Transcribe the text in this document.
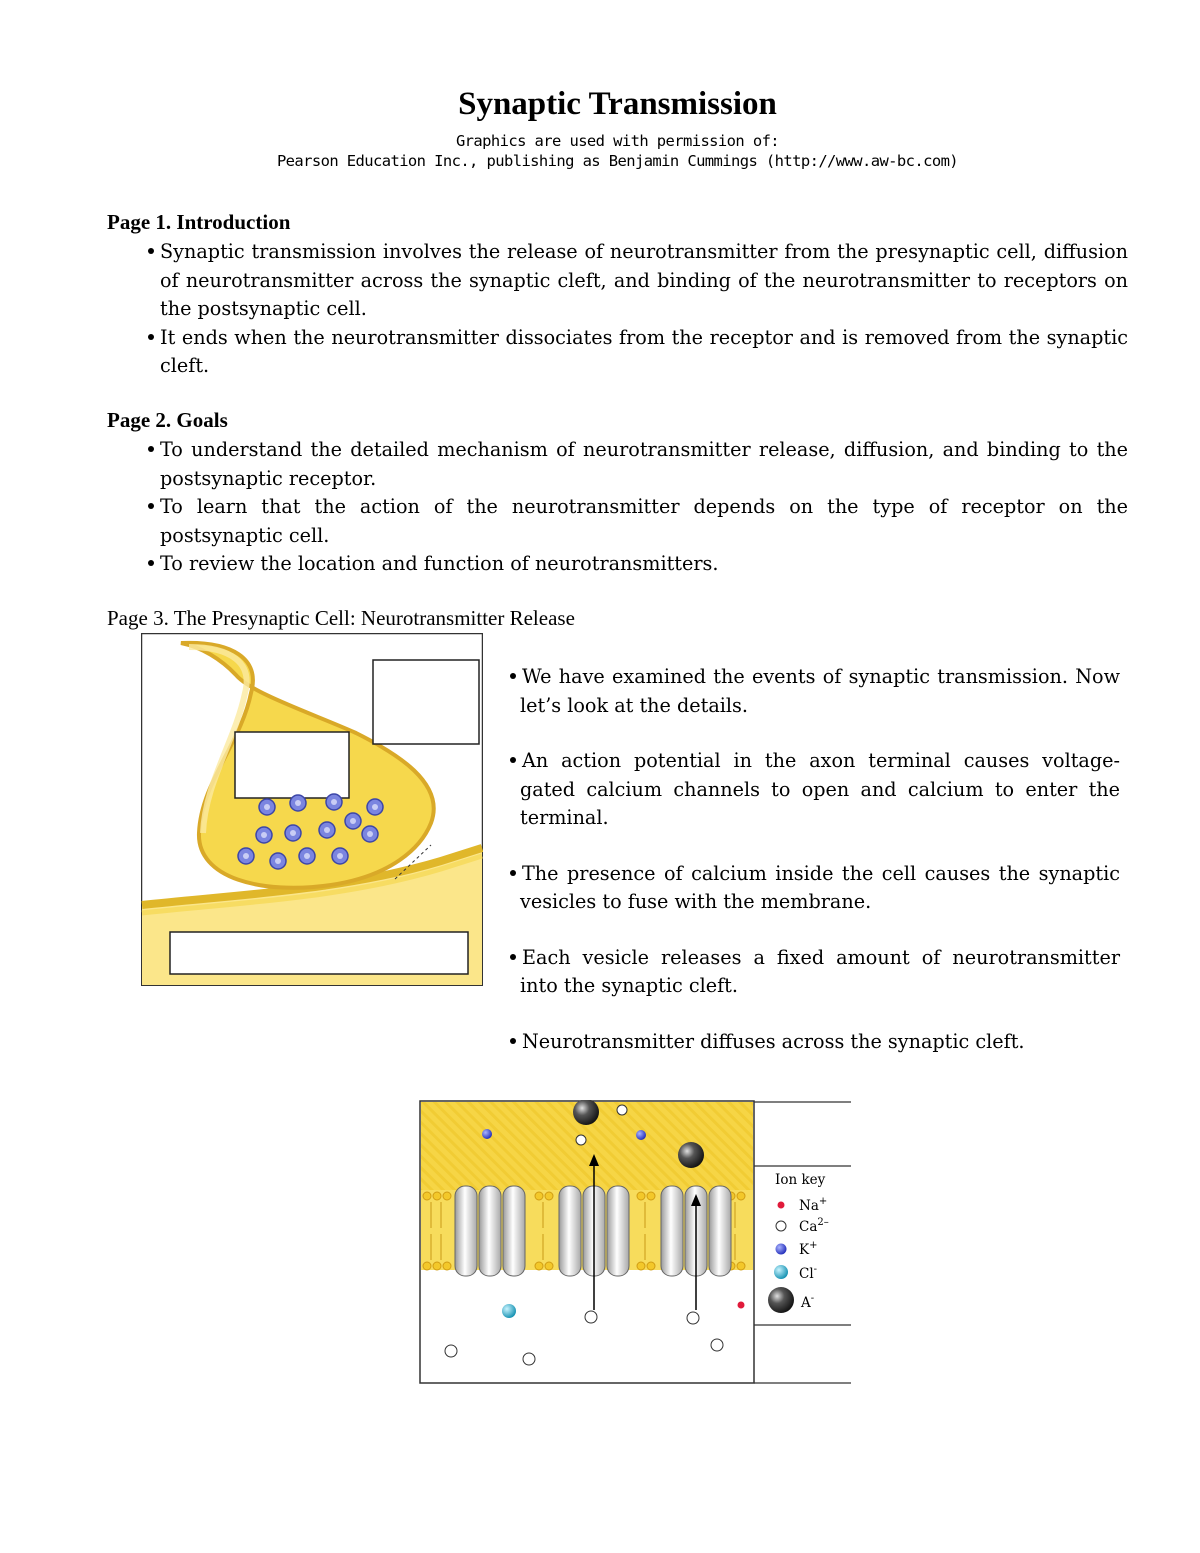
Synaptic Transmission
Graphics are used with permission of:
Pearson Education Inc., publishing as Benjamin Cummings (http://www.aw-bc.com)
Page 1. Introduction
Synaptic transmission involves the release of neurotransmitter from the presynaptic cell, diffusion of neurotransmitter across the synaptic cleft, and binding of the neurotransmitter to receptors on the postsynaptic cell.
It ends when the neurotransmitter dissociates from the receptor and is removed from the synaptic cleft.
Page 2. Goals
To understand the detailed mechanism of neurotransmitter release, diffusion, and binding to the postsynaptic receptor.
To learn that the action of the neurotransmitter depends on the type of receptor on the postsynaptic cell.
To review the location and function of neurotransmitters.
Page 3. The Presynaptic Cell: Neurotransmitter Release
We have examined the events of synaptic transmission. Now let’s look at the details.
An action potential in the axon terminal causes voltage-gated calcium channels to open and calcium to enter the terminal.
The presence of calcium inside the cell causes the synaptic vesicles to fuse with the membrane.
Each vesicle releases a fixed amount of neurotransmitter into the synaptic cleft.
Neurotransmitter diffuses across the synaptic cleft.
Ion key
Na+
$Ca^{2-}$
K+
Cl-
A-
